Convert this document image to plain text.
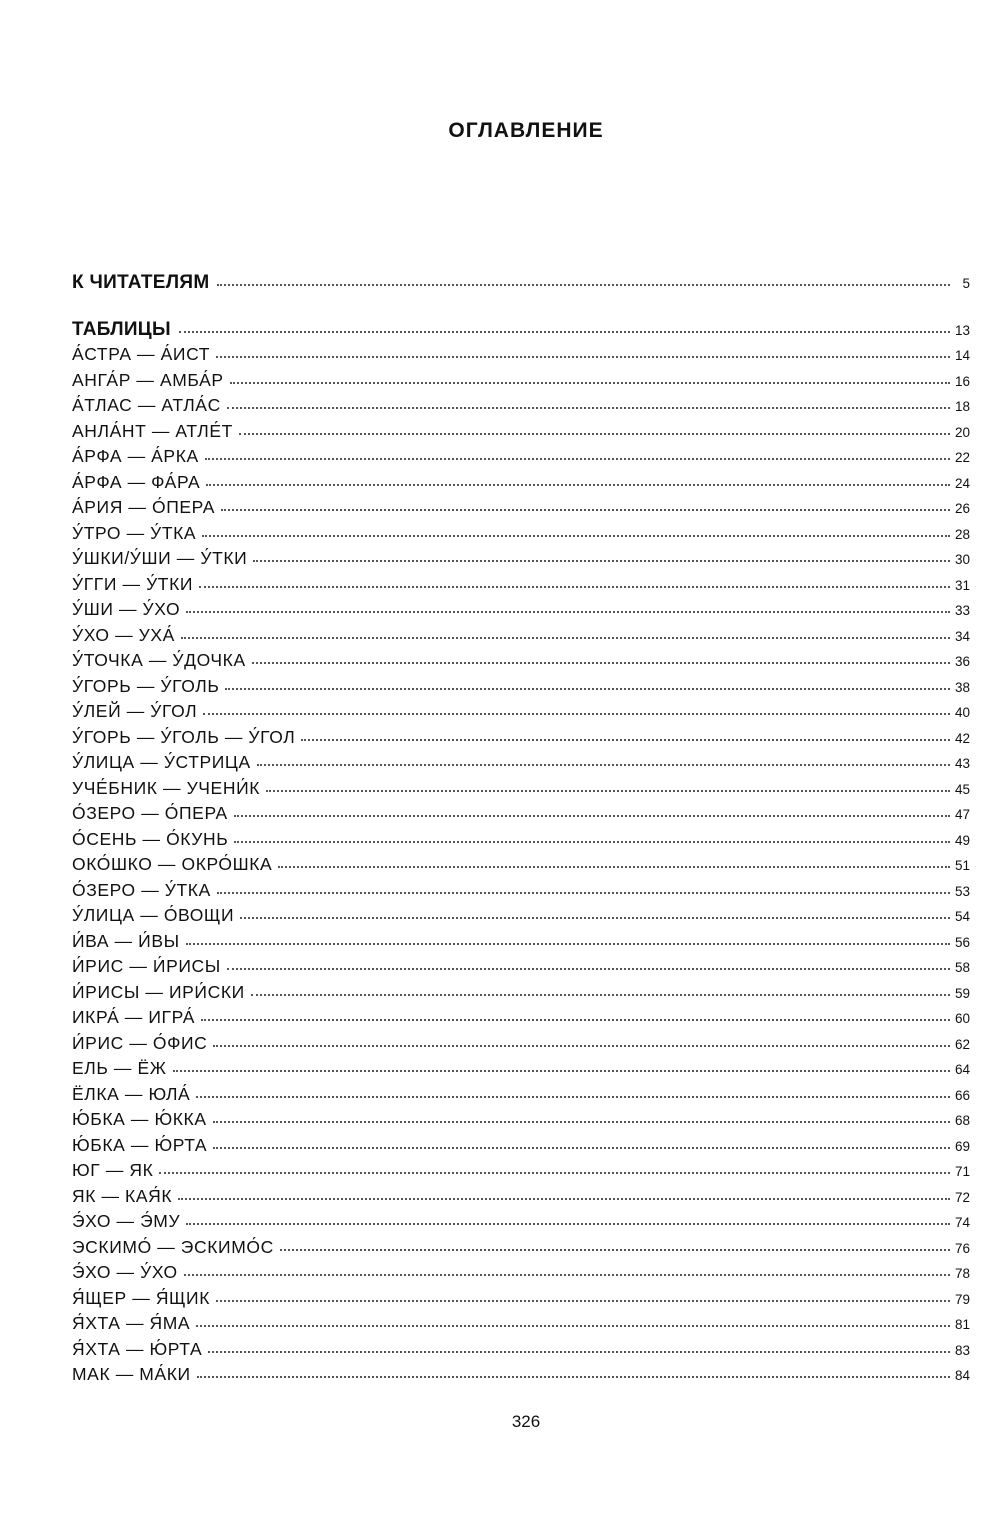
ОГЛАВЛЕНИЕ
К ЧИТАТЕЛЯМ	5
ТАБЛИЦЫ	13
А́СТРА — А́ИСТ	14
АНГА́Р — АМБА́Р	16
А́ТЛАС — АТЛА́С	18
АНЛА́НТ — АТЛЕ́Т	20
А́РФА — А́РКА	22
А́РФА — ФА́РА	24
А́РИЯ — О́ПЕРА	26
У́ТРО — У́ТКА	28
У́ШКИ/У́ШИ — У́ТКИ	30
У́ГГИ — У́ТКИ	31
У́ШИ — У́ХО	33
У́ХО — УХА́	34
У́ТОЧКА — У́ДОЧКА	36
У́ГОРЬ — У́ГОЛЬ	38
У́ЛЕЙ — У́ГОЛ	40
У́ГОРЬ — У́ГОЛЬ — У́ГОЛ	42
У́ЛИЦА — У́СТРИЦА	43
УЧЕ́БНИК — УЧЕНИ́К	45
О́ЗЕРО — О́ПЕРА	47
О́СЕНЬ — О́КУНЬ	49
ОКО́ШКО — ОКРО́ШКА	51
О́ЗЕРО — У́ТКА	53
У́ЛИЦА — О́ВОЩИ	54
И́ВА — И́ВЫ	56
И́РИС — И́РИСЫ	58
И́РИСЫ — ИРИ́СКИ	59
ИКРА́ — ИГРА́	60
И́РИС — О́ФИС	62
ЕЛЬ — ЁЖ	64
ЁЛКА — ЮЛА́	66
Ю́БКА — Ю́ККА	68
Ю́БКА — Ю́РТА	69
ЮГ — ЯК	71
ЯК — КАЯ́К	72
Э́ХО — Э́МУ	74
ЭСКИМО́ — ЭСКИМО́С	76
Э́ХО — У́ХО	78
Я́ЩЕР — Я́ЩИК	79
Я́ХТА — Я́МА	81
Я́ХТА — Ю́РТА	83
МАК — МА́КИ	84
326
